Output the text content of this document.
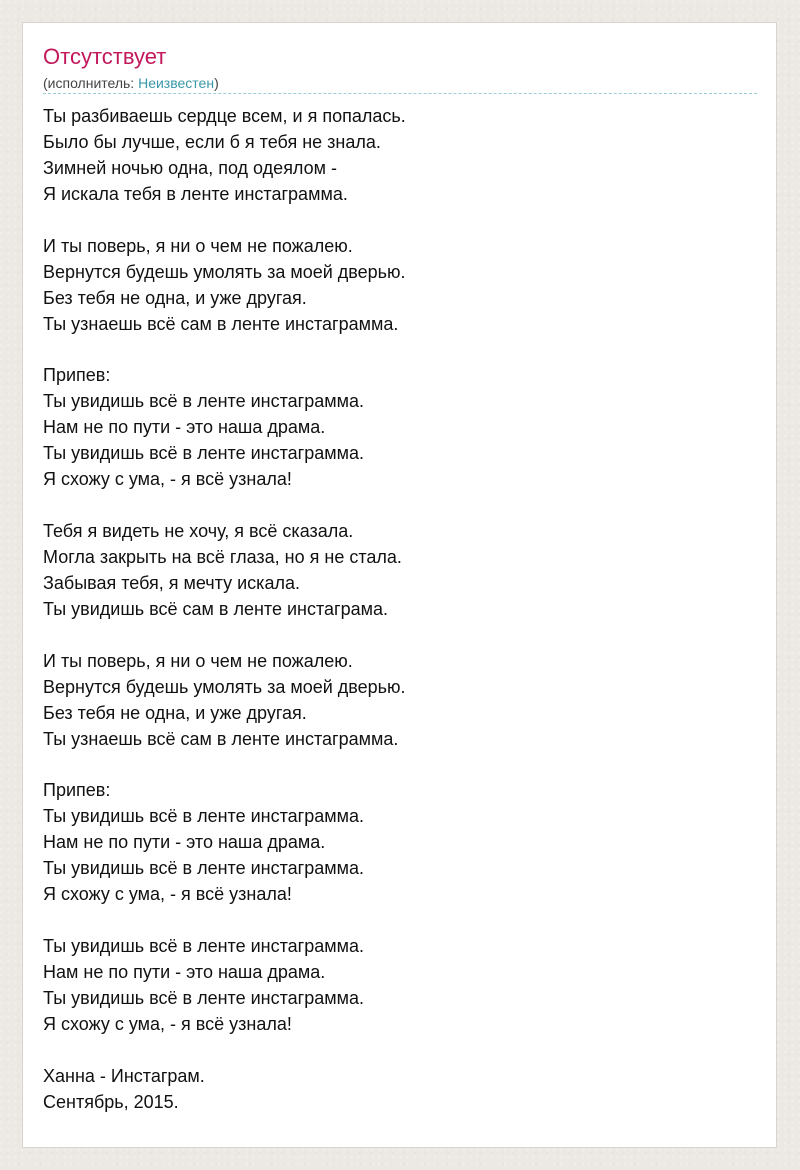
Отсутствует
(исполнитель: Неизвестен)
Ты разбиваешь сердце всем, и я попалась.
Было бы лучше, если б я тебя не знала.
Зимней ночью одна, под одеялом -
Я искала тебя в ленте инстаграмма.
И ты поверь, я ни о чем не пожалею.
Вернутся будешь умолять за моей дверью.
Без тебя не одна, и уже другая.
Ты узнаешь всё сам в ленте инстаграмма.
Припев:
Ты увидишь всё в ленте инстаграмма.
Нам не по пути - это наша драма.
Ты увидишь всё в ленте инстаграмма.
Я схожу с ума, - я всё узнала!
Тебя я видеть не хочу, я всё сказала.
Могла закрыть на всё глаза, но я не стала.
Забывая тебя, я мечту искала.
Ты увидишь всё сам в ленте инстаграма.
И ты поверь, я ни о чем не пожалею.
Вернутся будешь умолять за моей дверью.
Без тебя не одна, и уже другая.
Ты узнаешь всё сам в ленте инстаграмма.
Припев:
Ты увидишь всё в ленте инстаграмма.
Нам не по пути - это наша драма.
Ты увидишь всё в ленте инстаграмма.
Я схожу с ума, - я всё узнала!
Ты увидишь всё в ленте инстаграмма.
Нам не по пути - это наша драма.
Ты увидишь всё в ленте инстаграмма.
Я схожу с ума, - я всё узнала!
Ханна - Инстаграм.
Сентябрь, 2015.
